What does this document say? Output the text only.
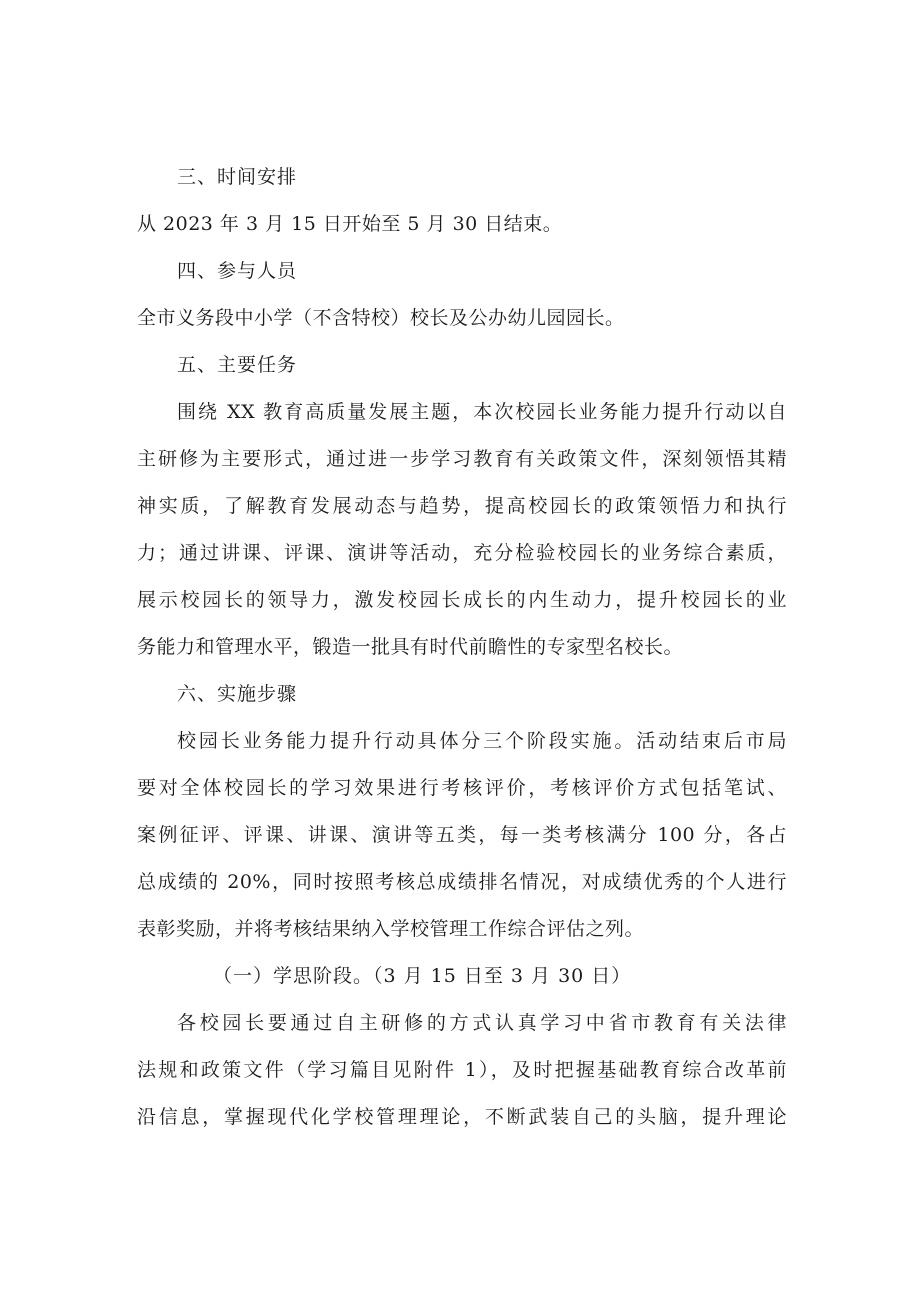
三、时间安排
从 2023 年 3 月 15 日开始至 5 月 30 日结束。
四、参与人员
全市义务段中小学（不含特校）校长及公办幼儿园园长。
五、主要任务
围绕 XX 教育高质量发展主题，本次校园长业务能力提升行动以自
主研修为主要形式，通过进一步学习教育有关政策文件，深刻领悟其精
神实质，了解教育发展动态与趋势，提高校园长的政策领悟力和执行
力；通过讲课、评课、演讲等活动，充分检验校园长的业务综合素质，
展示校园长的领导力，激发校园长成长的内生动力，提升校园长的业
务能力和管理水平，锻造一批具有时代前瞻性的专家型名校长。
六、实施步骤
校园长业务能力提升行动具体分三个阶段实施。活动结束后市局
要对全体校园长的学习效果进行考核评价，考核评价方式包括笔试、
案例征评、评课、讲课、演讲等五类，每一类考核满分 100 分，各占
总成绩的 20%，同时按照考核总成绩排名情况，对成绩优秀的个人进行
表彰奖励，并将考核结果纳入学校管理工作综合评估之列。
（一）学思阶段。（3 月 15 日至 3 月 30 日）
各校园长要通过自主研修的方式认真学习中省市教育有关法律
法规和政策文件（学习篇目见附件 1），及时把握基础教育综合改革前
沿信息，掌握现代化学校管理理论，不断武装自己的头脑，提升理论
